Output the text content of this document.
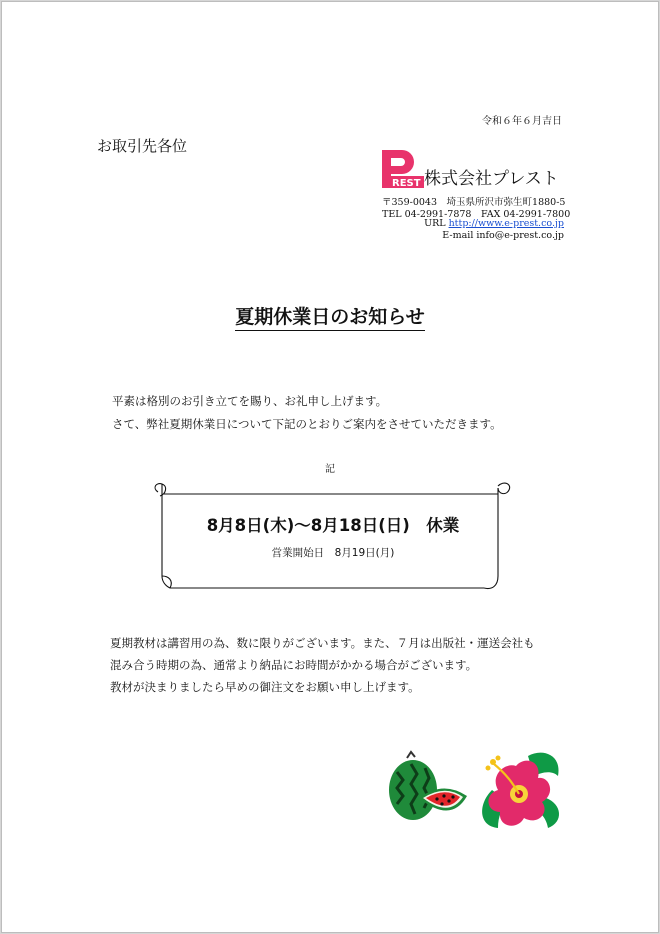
令和６年６月吉日
お取引先各位
REST 株式会社プレスト
〒359-0043　埼玉県所沢市弥生町1880-5
TEL 04-2991-7878　FAX 04-2991-7800
URL http://www.e-prest.co.jp
E-mail info@e-prest.co.jp
夏期休業日のお知らせ
平素は格別のお引き立てを賜り、お礼申し上げます。
さて、弊社夏期休業日について下記のとおりご案内をさせていただきます。
記
8月8日(木)〜8月18日(日)　休業
営業開始日　8月19日(月)
夏期教材は講習用の為、数に限りがございます。また、７月は出版社・運送会社も
混み合う時期の為、通常より納品にお時間がかかる場合がございます。
教材が決まりましたら早めの御注文をお願い申し上げます。
